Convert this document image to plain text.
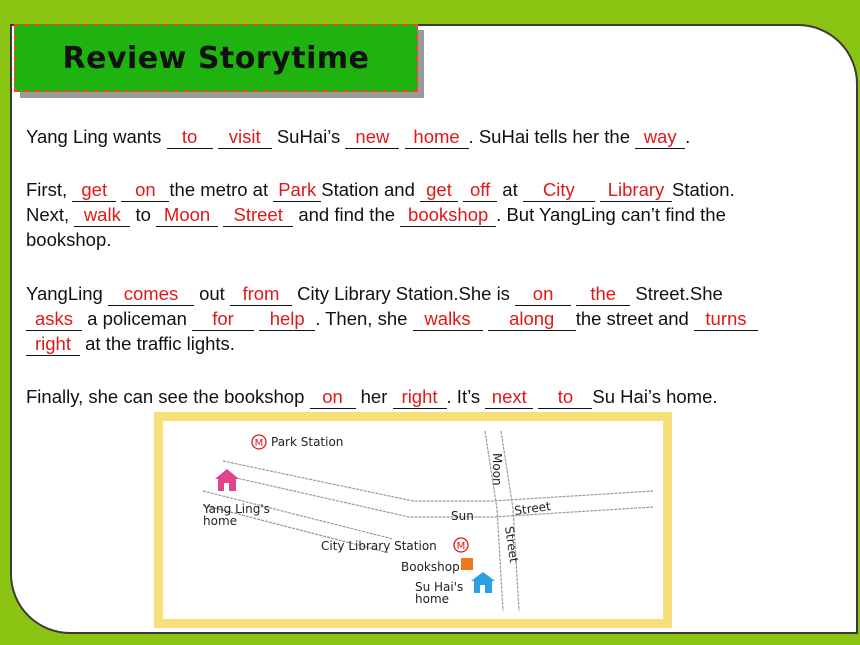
Review Storytime
Yang Ling wants to visit SuHai’s new home . SuHai tells her the way .
First, get on the metro at Park Station and get off at City Library Station.
Next, walk to Moon Street and find the bookshop . But YangLing can’t find the
bookshop.
YangLing comes out from City Library Station.She is on the Street.She
asks a policeman for help . Then, she walks along the street and turns
right at the traffic lights.
Finally, she can see the bookshop on her right . It’s next to Su Hai’s home.
M Park Station
Moon
Yang Ling's
home	Sun	Street
City Library Station M	Street
Bookshop
Su Hai's
home
